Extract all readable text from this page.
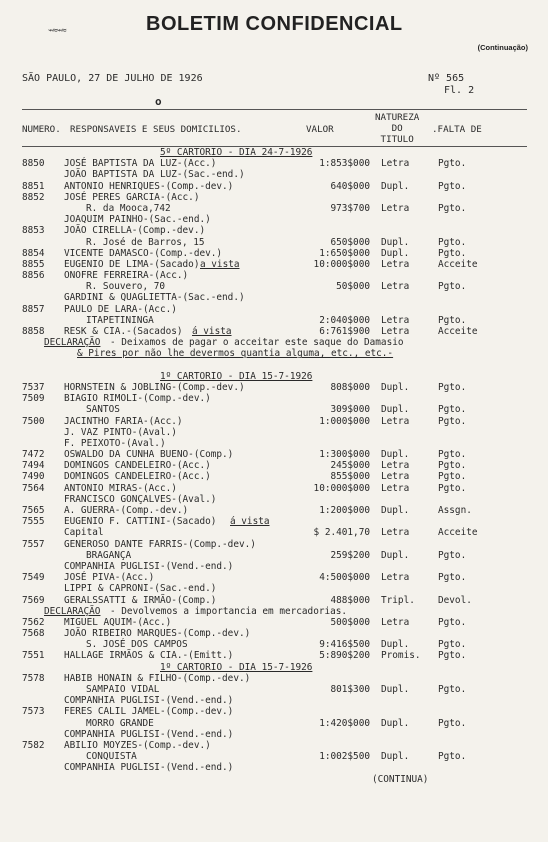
⌁≈⌁≈	BOLETIM CONFIDENCIAL
(Continuação)
SÃO PAULO, 27 DE JULHO DE 1926	Nº 565
Fl. 2
o
NUMERO. RESPONSAVEIS E SEUS DOMICILIOS.	VALOR
NATUREZA
DO
TITULO
.FALTA DE
5º CARTORIO - DIA 24-7-1926
8850 JOSÉ BAPTISTA DA LUZ-(Acc.)	1:853$000 Letra	Pgto.
JOÃO BAPTISTA DA LUZ-(Sac.-end.)
8851 ANTONIO HENRIQUES-(Comp.-dev.)	640$000 Dupl.	Pgto.
8852 JOSÉ PERES GARCIA-(Acc.)
R. da Mooca,742	973$700 Letra	Pgto.
JOAQUIM PAINHO-(Sac.-end.)
8853 JOÃO CIRELLA-(Comp.-dev.)
R. José de Barros, 15	650$000 Dupl.	Pgto.
8854 VICENTE DAMASCO-(Comp.-dev.)	1:650$000 Dupl.	Pgto.
8855 EUGENIO DE LIMA-(Sacado) a vista	10:000$000 Letra	Acceite
8856 ONOFRE FERREIRA-(Acc.)
R. Souvero, 70	50$000 Letra	Pgto.
GARDINI & QUAGLIETTA-(Sac.-end.)
8857 PAULO DE LARA-(Acc.)
ITAPETININGA	2:040$000 Letra	Pgto.
8858 RESK & CIA.-(Sacados) á vista	6:761$900 Letra	Acceite
DECLARAÇÃO - Deixamos de pagar o acceitar este saque do Damasio
& Pires por não lhe devermos quantia alguma, etc., etc.-
1º CARTORIO - DIA 15-7-1926
7537 HORNSTEIN & JOBLING-(Comp.-dev.)	808$000 Dupl.	Pgto.
7509 BIAGIO RIMOLI-(Comp.-dev.)
SANTOS	309$000 Dupl.	Pgto.
7500 JACINTHO FARIA-(Acc.)	1:000$000 Letra	Pgto.
J. VAZ PINTO-(Aval.)
F. PEIXOTO-(Aval.)
7472 OSWALDO DA CUNHA BUENO-(Comp.)	1:300$000 Dupl.	Pgto.
7494 DOMINGOS CANDELEIRO-(Acc.)	245$000 Letra	Pgto.
7490 DOMINGOS CANDELEIRO-(Acc.)	855$000 Letra	Pgto.
7564 ANTONIO MIRAS-(Acc.)	10:000$000 Letra	Pgto.
FRANCISCO GONÇALVES-(Aval.)
7565 A. GUERRA-(Comp.-dev.)	1:200$000 Dupl.	Assgn.
7555 EUGENIO F. CATTINI-(Sacado) á vista
Capital	$ 2.401,70 Letra	Acceite
7557 GENEROSO DANTE FARRIS-(Comp.-dev.)
BRAGANÇA	259$200 Dupl.	Pgto.
COMPANHIA PUGLISI-(Vend.-end.)
7549 JOSÉ PIVA-(Acc.)	4:500$000 Letra	Pgto.
LIPPI & CAPRONI-(Sac.-end.)
7569 GERALSSATTI & IRMÃO-(Comp.)	488$000 Tripl. Devol.
DECLARAÇÃO - Devolvemos a importancia em mercadorias.
7562 MIGUEL AQUIM-(Acc.)	500$000 Letra	Pgto.
7568 JOÃO RIBEIRO MARQUES-(Comp.-dev.)
S. JOSÉ DOS CAMPOS	9:416$500 Dupl.	Pgto.
7551 HALLAGE IRMÃOS & CIA.-(Emitt.)	5:890$200 Promis. Pgto.
1º CARTORIO - DIA 15-7-1926
7578 HABIB HONAIN & FILHO-(Comp.-dev.)
SAMPAIO VIDAL	801$300 Dupl.	Pgto.
COMPANHIA PUGLISI-(Vend.-end.)
7573 FERES CALIL JAMEL-(Comp.-dev.)
MORRO GRANDE	1:420$000 Dupl.	Pgto.
COMPANHIA PUGLISI-(Vend.-end.)
7582 ABILIO MOYZES-(Comp.-dev.)
CONQUISTA	1:002$500 Dupl.	Pgto.
COMPANHIA PUGLISI-(Vend.-end.)
(CONTINUA)
